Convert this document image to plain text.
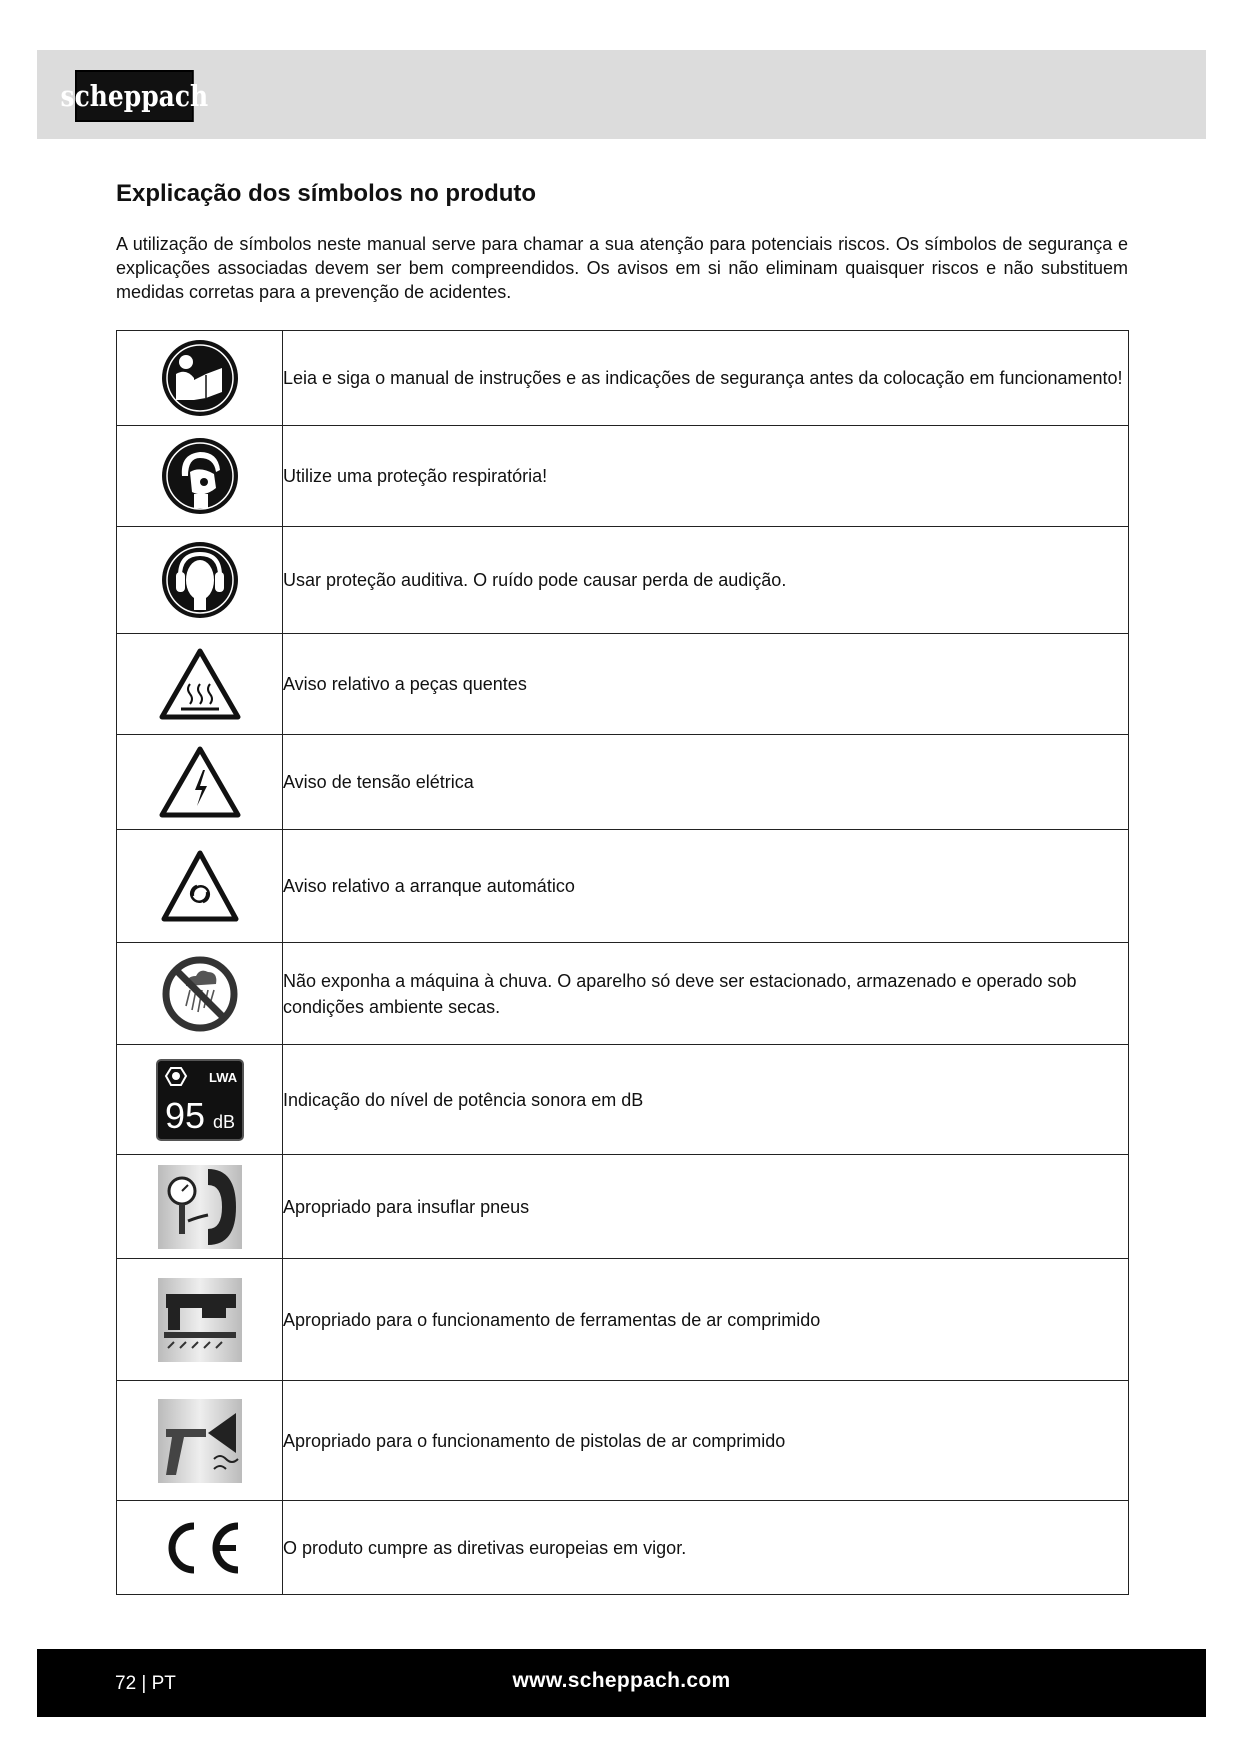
scheppach
Explicação dos símbolos no produto

A utilização de símbolos neste manual serve para chamar a sua atenção para potenciais riscos. Os símbolos de segurança e explicações associadas devem ser bem compreendidos. Os avisos em si não eliminam quaisquer riscos e não substituem medidas corretas para a prevenção de acidentes.

	Leia e siga o manual de instruções e as indicações de segurança antes da colocação em funcionamento!

	Utilize uma proteção respiratória!

	Usar proteção auditiva. O ruído pode causar perda de audição.

	Aviso relativo a peças quentes

	Aviso de tensão elétrica

	Aviso relativo a arranque automático

	Não exponha a máquina à chuva. O aparelho só deve ser estacionado, armazenado e operado sob condições ambiente secas.

LWA
95 dB	Indicação do nível de potência sonora em dB

	Apropriado para insuflar pneus

	Apropriado para o funcionamento de ferramentas de ar comprimido

	Apropriado para o funcionamento de pistolas de ar comprimido

	O produto cumpre as diretivas europeias em vigor.
72 | PT	www.scheppach.com
